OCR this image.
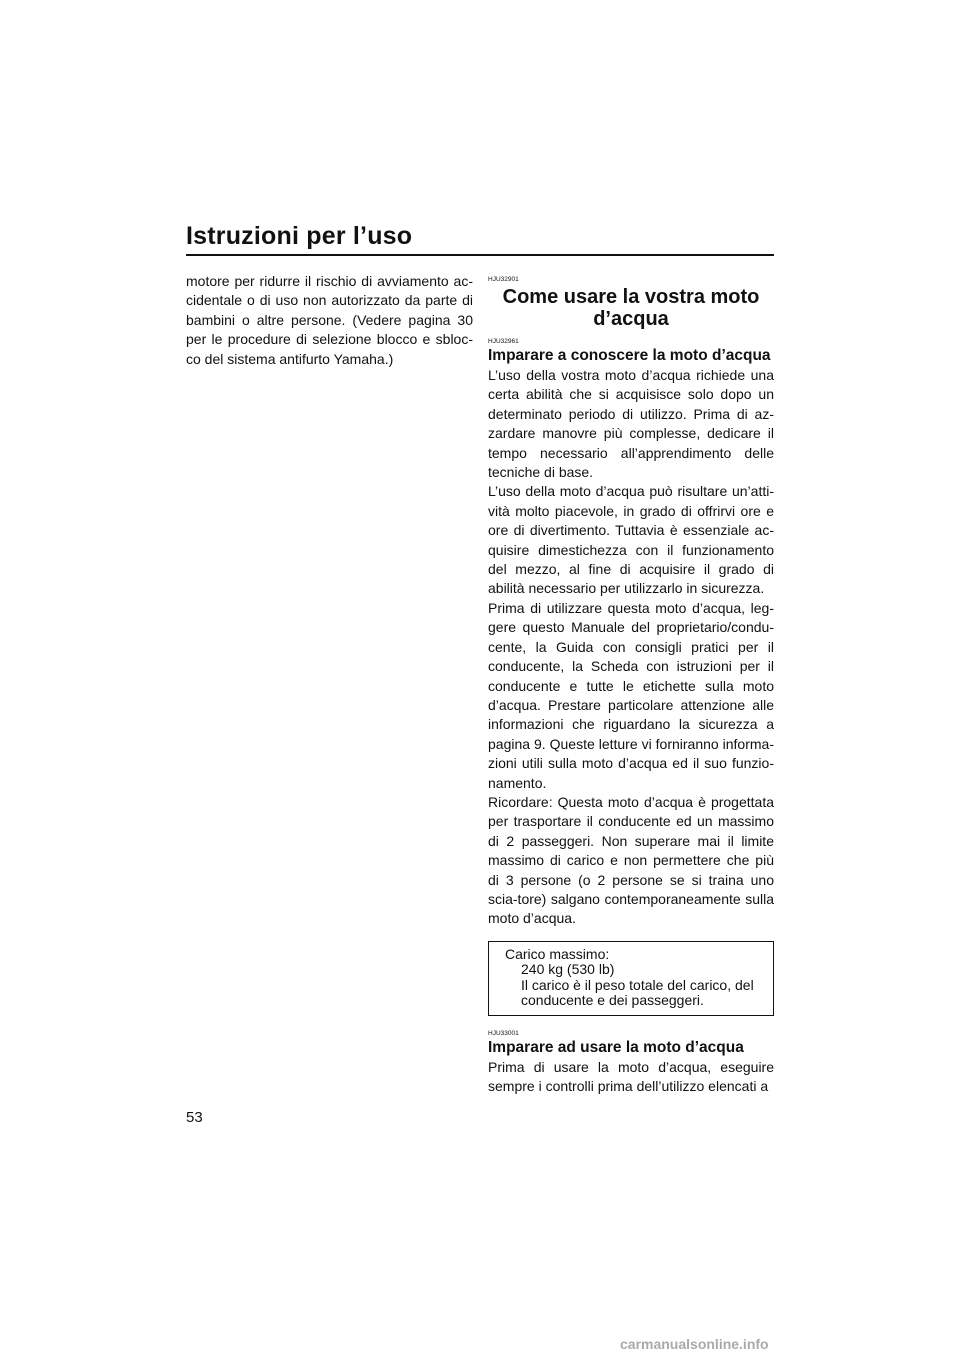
Istruzioni per l’uso

motore per ridurre il rischio di avviamento ac-cidentale o di uso non autorizzato da parte di bambini o altre persone. (Vedere pagina 30 per le procedure di selezione blocco e sbloc-co del sistema antifurto Yamaha.)

HJU32901
Come usare la vostra moto d’acqua
HJU32961
Imparare a conoscere la moto d’acqua

L’uso della vostra moto d’acqua richiede una certa abilità che si acquisisce solo dopo un determinato periodo di utilizzo. Prima di az-zardare manovre più complesse, dedicare il tempo necessario all’apprendimento delle tecniche di base.

L’uso della moto d’acqua può risultare un’atti-vità molto piacevole, in grado di offrirvi ore e ore di divertimento. Tuttavia è essenziale ac-quisire dimestichezza con il funzionamento del mezzo, al fine di acquisire il grado di abilità necessario per utilizzarlo in sicurezza.

Prima di utilizzare questa moto d’acqua, leg-gere questo Manuale del proprietario/condu-cente, la Guida con consigli pratici per il conducente, la Scheda con istruzioni per il conducente e tutte le etichette sulla moto d’acqua. Prestare particolare attenzione alle informazioni che riguardano la sicurezza a pagina 9. Queste letture vi forniranno informa-zioni utili sulla moto d’acqua ed il suo funzio-namento.

Ricordare: Questa moto d’acqua è progettata per trasportare il conducente ed un massimo di 2 passeggeri. Non superare mai il limite massimo di carico e non permettere che più di 3 persone (o 2 persone se si traina uno scia-tore) salgano contemporaneamente sulla moto d’acqua.

Carico massimo:
240 kg (530 lb)
Il carico è il peso totale del carico, del conducente e dei passeggeri.
HJU33001
Imparare ad usare la moto d’acqua

Prima di usare la moto d’acqua, eseguire sempre i controlli prima dell’utilizzo elencati a

53
carmanualsonline.info
